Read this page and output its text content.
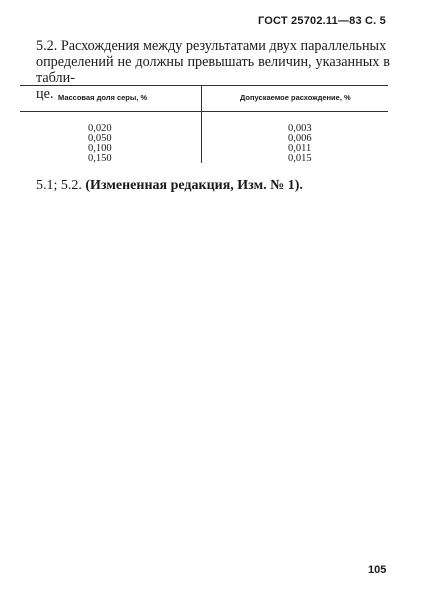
ГОСТ 25702.11—83 С. 5
5.2. Расхождения между результатами двух параллельных
определений не должны превышать величин, указанных в табли-
це. Массовая доля серы, %	Допускаемое расхождение, %
0,020
0,050
0,100
0,150
0,003
0,006
0,011
0,015
5.1; 5.2. (Измененная редакция, Изм. № 1).
105
